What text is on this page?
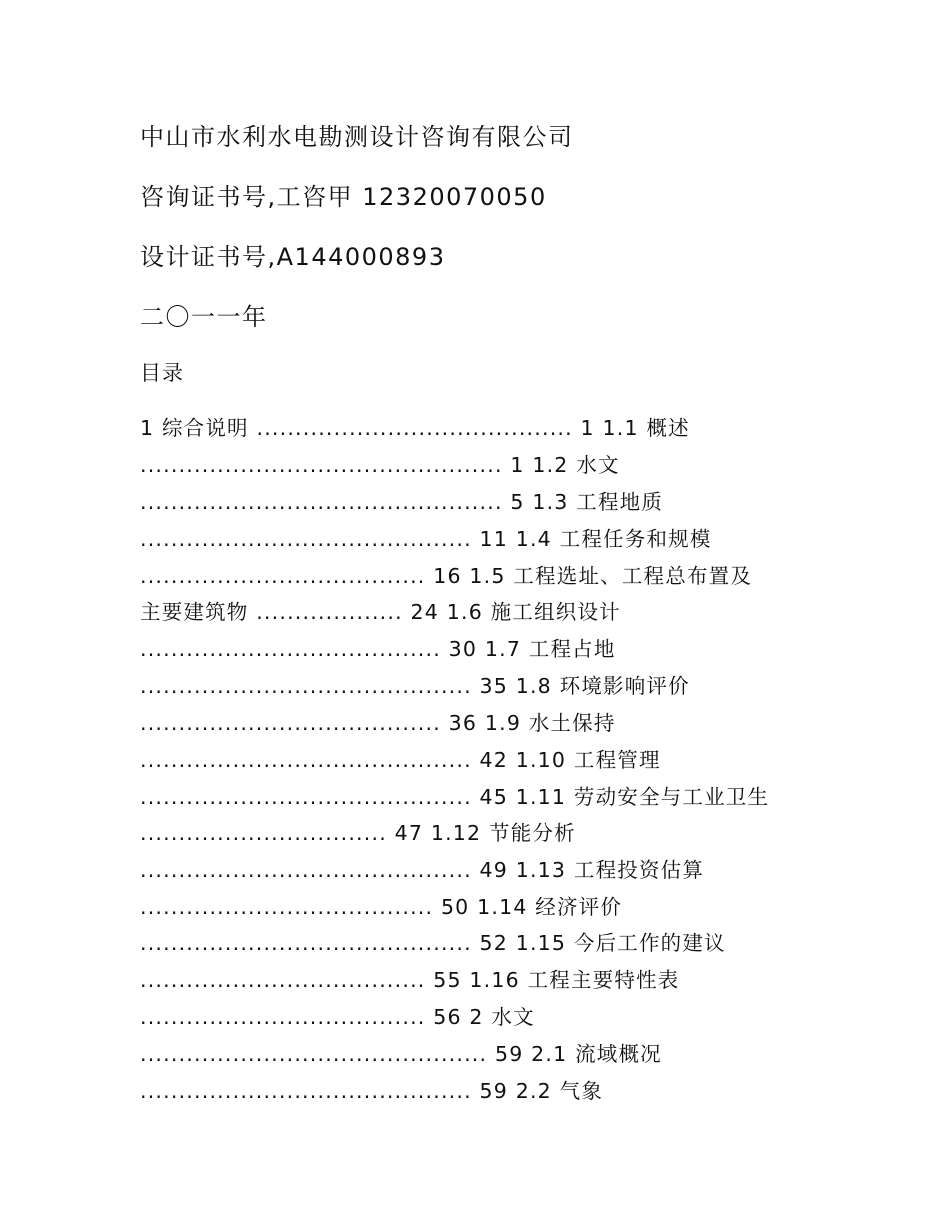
中山市水利水电勘测设计咨询有限公司
咨询证书号,工咨甲 12320070050
设计证书号,A144000893
二〇一一年
目录
1 综合说明 ......................................... 1 1.1 概述
............................................... 1 1.2 水文
............................................... 5 1.3 工程地质
........................................... 11 1.4 工程任务和规模
..................................... 16 1.5 工程选址、工程总布置及
主要建筑物 ................... 24 1.6 施工组织设计
....................................... 30 1.7 工程占地
........................................... 35 1.8 环境影响评价
....................................... 36 1.9 水土保持
........................................... 42 1.10 工程管理
........................................... 45 1.11 劳动安全与工业卫生
................................ 47 1.12 节能分析
........................................... 49 1.13 工程投资估算
...................................... 50 1.14 经济评价
........................................... 52 1.15 今后工作的建议
..................................... 55 1.16 工程主要特性表
..................................... 56 2 水文
............................................. 59 2.1 流域概况
........................................... 59 2.2 气象
